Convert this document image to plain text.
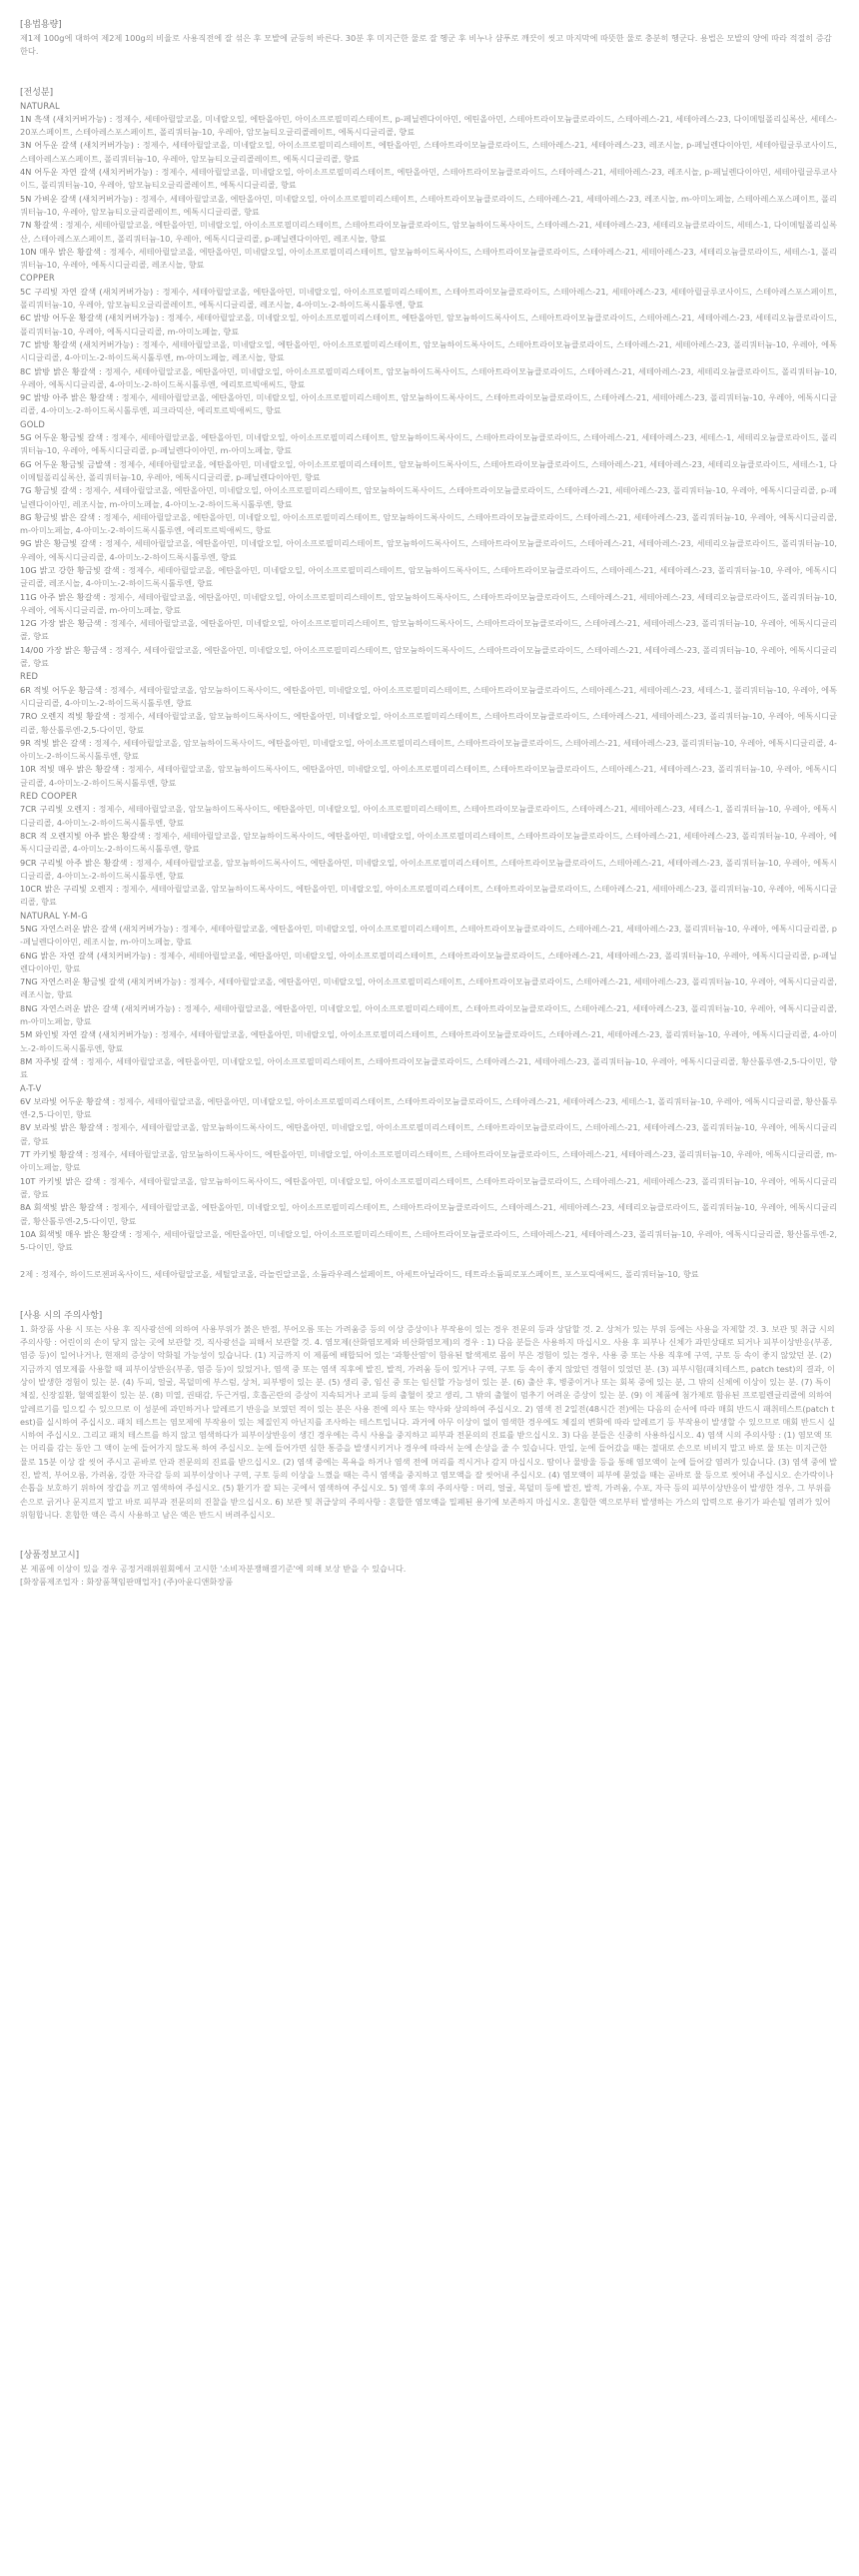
[용법용량]

제1제 100g에 대하여 제2제 100g의 비율로 사용직전에 잘 섞은 후 모발에 균등히 바른다. 30분 후 미지근한 물로 잘 헹군 후 비누나 샴푸로 깨끗이 씻고 마지막에 따뜻한 물로 충분히 헹군다. 용법은 모발의 양에 따라 적절히 증감한다.

[전성분]

NATURAL

1N 흑색 (새치커버가능) : 정제수, 세테아릴알코올, 미네랄오일, 에탄올아민, 아이소프로필미리스테이트, p-페닐렌다이아민, 에틴올아민, 스테아트라이모늄클로라이드, 스테아레스-21, 세테아레스-23, 다이메틸폴리실록산, 세테스-20포스페이트, 스테아레스포스페이트, 폴리쿼터늄-10, 우레아, 암모늄티오글리콜레이트, 에톡시디글리콜, 향료

3N 어두운 갈색 (새치커버가능) : 정제수, 세테아릴알코올, 미네랄오일, 아이소프로필미리스테이트, 에탄올아민, 스테아트라이모늄클로라이드, 스테아레스-21, 세테아레스-23, 레조시놀, p-페닐렌다이아민, 세테아릴글루코사이드, 스테아레스포스페이트, 폴리쿼터늄-10, 우레아, 암모늄티오글리콜레이트, 에톡시디글리콜, 향료

4N 어두운 자연 갈색 (새치커버가능) : 정제수, 세테아릴알코올, 미네랄오일, 아이소프로필미리스테이트, 에탄올아민, 스테아트라이모늄클로라이드, 스테아레스-21, 세테아레스-23, 레조시놀, p-페닐렌다이아민, 세테아릴글루코사이드, 폴리쿼터늄-10, 우레아, 암모늄티오글리콜레이트, 에톡시디글리콜, 향료

5N 가벼운 갈색 (새치커버가능) : 정제수, 세테아릴알코올, 에탄올아민, 미네랄오일, 아이소프로필미리스테이트, 스테아트라이모늄클로라이드, 스테아레스-21, 세테아레스-23, 레조시놀, m-아미노페놀, 스테아레스포스페이트, 폴리쿼터늄-10, 우레아, 암모늄티오글리콜레이트, 에톡시디글리콜, 향료

7N 황갈색 : 정제수, 세테아릴알코올, 에탄올아민, 미네랄오일, 아이소프로필미리스테이트, 스테아트라이모늄클로라이드, 암모늄하이드록사이드, 스테아레스-21, 세테아레스-23, 세테리오늄클로라이드, 세테스-1, 다이메틸폴리실록산, 스테아레스포스페이트, 폴리쿼터늄-10, 우레아, 에톡시디글리콜, p-페닐렌다이아민, 레조시놀, 향료

10N 매우 밝은 황갈색 : 정제수, 세테아릴알코올, 에탄올아민, 미네랄오일, 아이소프로필미리스테이트, 암모늄하이드록사이드, 스테아트라이모늄클로라이드, 스테아레스-21, 세테아레스-23, 세테리오늄클로라이드, 세테스-1, 폴리쿼터늄-10, 우레아, 에톡시디글리콜, 레조시놀, 향료

COPPER

5C 구리빛 자연 갈색 (새치커버가능) : 정제수, 세테아릴알코올, 에탄올아민, 미네랄오일, 아이소프로필미리스테이트, 스테아트라이모늄클로라이드, 스테아레스-21, 세테아레스-23, 세테아릴글루코사이드, 스테아레스포스페이트, 폴리쿼터늄-10, 우레아, 암모늄티오글리콜레이트, 에톡시디글리콜, 레조시놀, 4-아미노-2-하이드록시톨루엔, 향료

6C 밝방 어두운 황갈색 (새치커버가능) : 정제수, 세테아릴알코올, 미네랄오일, 아이소프로필미리스테이트, 에탄올아민, 암모늄하이드록사이드, 스테아트라이모늄클로라이드, 스테아레스-21, 세테아레스-23, 세테리오늄클로라이드, 폴리쿼터늄-10, 우레아, 에톡시디글리콜, m-아미노페놀, 향료

7C 밝방 황갈색 (새치커버가능) : 정제수, 세테아릴알코올, 미네랄오일, 에탄올아민, 아이소프로필미리스테이트, 암모늄하이드록사이드, 스테아트라이모늄클로라이드, 스테아레스-21, 세테아레스-23, 폴리쿼터늄-10, 우레아, 에톡시디글리콜, 4-아미노-2-하이드록시톨루엔, m-아미노페놀, 레조시놀, 향료

8C 밝방 밝은 황갈색 : 정제수, 세테아릴알코올, 에탄올아민, 미네랄오일, 아이소프로필미리스테이트, 암모늄하이드록사이드, 스테아트라이모늄클로라이드, 스테아레스-21, 세테아레스-23, 세테리오늄클로라이드, 폴리쿼터늄-10, 우레아, 에톡시디글리콜, 4-아미노-2-하이드록시톨루엔, 에리토르빅애씨드, 향료

9C 밝방 아주 밝은 황갈색 : 정제수, 세테아릴알코올, 에탄올아민, 미네랄오일, 아이소프로필미리스테이트, 암모늄하이드록사이드, 스테아트라이모늄클로라이드, 스테아레스-21, 세테아레스-23, 폴리쿼터늄-10, 우레아, 에톡시디글리콜, 4-아미노-2-하이드록시톨루엔, 피크라믹산, 에리토르빅애씨드, 향료

GOLD

5G 어두운 황금빛 갈색 : 정제수, 세테아릴알코올, 에탄올아민, 미네랄오일, 아이소프로필미리스테이트, 암모늄하이드록사이드, 스테아트라이모늄클로라이드, 스테아레스-21, 세테아레스-23, 세테스-1, 세테리오늄클로라이드, 폴리쿼터늄-10, 우레아, 에톡시디글리콜, p-페닐렌다이아민, m-아미노페놀, 향료

6G 어두운 황금빛 금발색 : 정제수, 세테아릴알코올, 에탄올아민, 미네랄오일, 아이소프로필미리스테이트, 암모늄하이드록사이드, 스테아트라이모늄클로라이드, 스테아레스-21, 세테아레스-23, 세테리오늄클로라이드, 세테스-1, 다이메틸폴리실록산, 폴리쿼터늄-10, 우레아, 에톡시디글리콜, p-페닐렌다이아민, 향료

7G 황금빛 갈색 : 정제수, 세테아릴알코올, 에탄올아민, 미네랄오일, 아이소프로필미리스테이트, 암모늄하이드록사이드, 스테아트라이모늄클로라이드, 스테아레스-21, 세테아레스-23, 폴리쿼터늄-10, 우레아, 에톡시디글리콜, p-페닐렌다이아민, 레조시놀, m-아미노페놀, 4-아미노-2-하이드록시톨루엔, 향료

8G 황금빛 밝은 갈색 : 정제수, 세테아릴알코올, 에탄올아민, 미네랄오일, 아이소프로필미리스테이트, 암모늄하이드록사이드, 스테아트라이모늄클로라이드, 스테아레스-21, 세테아레스-23, 폴리쿼터늄-10, 우레아, 에톡시디글리콜, m-아미노페놀, 4-아미노-2-하이드록시톨루엔, 에리토르빅애씨드, 향료

9G 밝은 황금빛 갈색 : 정제수, 세테아릴알코올, 에탄올아민, 미네랄오일, 아이소프로필미리스테이트, 암모늄하이드록사이드, 스테아트라이모늄클로라이드, 스테아레스-21, 세테아레스-23, 세테리오늄클로라이드, 폴리쿼터늄-10, 우레아, 에톡시디글리콜, 4-아미노-2-하이드록시톨루엔, 향료

10G 밝고 강한 황금빛 갈색 : 정제수, 세테아릴알코올, 에탄올아민, 미네랄오일, 아이소프로필미리스테이트, 암모늄하이드록사이드, 스테아트라이모늄클로라이드, 스테아레스-21, 세테아레스-23, 폴리쿼터늄-10, 우레아, 에톡시디글리콜, 레조시놀, 4-아미노-2-하이드록시톨루엔, 향료

11G 아주 밝은 황갈색 : 정제수, 세테아릴알코올, 에탄올아민, 미네랄오일, 아이소프로필미리스테이트, 암모늄하이드록사이드, 스테아트라이모늄클로라이드, 스테아레스-21, 세테아레스-23, 세테리오늄클로라이드, 폴리쿼터늄-10, 우레아, 에톡시디글리콜, m-아미노페놀, 향료

12G 가장 밝은 황금색 : 정제수, 세테아릴알코올, 에탄올아민, 미네랄오일, 아이소프로필미리스테이트, 암모늄하이드록사이드, 스테아트라이모늄클로라이드, 스테아레스-21, 세테아레스-23, 폴리쿼터늄-10, 우레아, 에톡시디글리콜, 향료

14/00 가장 밝은 황금색 : 정제수, 세테아릴알코올, 에탄올아민, 미네랄오일, 아이소프로필미리스테이트, 암모늄하이드록사이드, 스테아트라이모늄클로라이드, 스테아레스-21, 세테아레스-23, 폴리쿼터늄-10, 우레아, 에톡시디글리콜, 향료

RED

6R 적빛 어두운 황금색 : 정제수, 세테아릴알코올, 암모늄하이드록사이드, 에탄올아민, 미네랄오일, 아이소프로필미리스테이트, 스테아트라이모늄클로라이드, 스테아레스-21, 세테아레스-23, 세테스-1, 폴리쿼터늄-10, 우레아, 에톡시디글리콜, 4-아미노-2-하이드록시톨루엔, 향료

7RO 오렌지 적빛 황갈색 : 정제수, 세테아릴알코올, 암모늄하이드록사이드, 에탄올아민, 미네랄오일, 아이소프로필미리스테이트, 스테아트라이모늄클로라이드, 스테아레스-21, 세테아레스-23, 폴리쿼터늄-10, 우레아, 에톡시디글리콜, 황산톨루엔-2,5-다이민, 향료

9R 적빛 밝은 갈색 : 정제수, 세테아릴알코올, 암모늄하이드록사이드, 에탄올아민, 미네랄오일, 아이소프로필미리스테이트, 스테아트라이모늄클로라이드, 스테아레스-21, 세테아레스-23, 폴리쿼터늄-10, 우레아, 에톡시디글리콜, 4-아미노-2-하이드록시톨루엔, 향료

10R 적빛 매우 밝은 황갈색 : 정제수, 세테아릴알코올, 암모늄하이드록사이드, 에탄올아민, 미네랄오일, 아이소프로필미리스테이트, 스테아트라이모늄클로라이드, 스테아레스-21, 세테아레스-23, 폴리쿼터늄-10, 우레아, 에톡시디글리콜, 4-아미노-2-하이드록시톨루엔, 향료

RED COOPER

7CR 구리빛 오렌지 : 정제수, 세테아릴알코올, 암모늄하이드록사이드, 에탄올아민, 미네랄오일, 아이소프로필미리스테이트, 스테아트라이모늄클로라이드, 스테아레스-21, 세테아레스-23, 세테스-1, 폴리쿼터늄-10, 우레아, 에톡시디글리콜, 4-아미노-2-하이드록시톨루엔, 향료

8CR 적 오렌지빛 아주 밝은 황갈색 : 정제수, 세테아릴알코올, 암모늄하이드록사이드, 에탄올아민, 미네랄오일, 아이소프로필미리스테이트, 스테아트라이모늄클로라이드, 스테아레스-21, 세테아레스-23, 폴리쿼터늄-10, 우레아, 에톡시디글리콜, 4-아미노-2-하이드록시톨루엔, 향료

9CR 구리빛 아주 밝은 황갈색 : 정제수, 세테아릴알코올, 암모늄하이드록사이드, 에탄올아민, 미네랄오일, 아이소프로필미리스테이트, 스테아트라이모늄클로라이드, 스테아레스-21, 세테아레스-23, 폴리쿼터늄-10, 우레아, 에톡시디글리콜, 4-아미노-2-하이드록시톨루엔, 향료

10CR 밝은 구리빛 오렌지 : 정제수, 세테아릴알코올, 암모늄하이드록사이드, 에탄올아민, 미네랄오일, 아이소프로필미리스테이트, 스테아트라이모늄클로라이드, 스테아레스-21, 세테아레스-23, 폴리쿼터늄-10, 우레아, 에톡시디글리콜, 향료

NATURAL Y-M-G

5NG 자연스러운 밝은 갈색 (새치커버가능) : 정제수, 세테아릴알코올, 에탄올아민, 미네랄오일, 아이소프로필미리스테이트, 스테아트라이모늄클로라이드, 스테아레스-21, 세테아레스-23, 폴리쿼터늄-10, 우레아, 에톡시디글리콜, p-페닐렌다이아민, 레조시놀, m-아미노페놀, 향료

6NG 밝은 자연 갈색 (새치커버가능) : 정제수, 세테아릴알코올, 에탄올아민, 미네랄오일, 아이소프로필미리스테이트, 스테아트라이모늄클로라이드, 스테아레스-21, 세테아레스-23, 폴리쿼터늄-10, 우레아, 에톡시디글리콜, p-페닐렌다이아민, 향료

7NG 자연스러운 황금빛 갈색 (새치커버가능) : 정제수, 세테아릴알코올, 에탄올아민, 미네랄오일, 아이소프로필미리스테이트, 스테아트라이모늄클로라이드, 스테아레스-21, 세테아레스-23, 폴리쿼터늄-10, 우레아, 에톡시디글리콜, 레조시놀, 향료

8NG 자연스러운 밝은 갈색 (새치커버가능) : 정제수, 세테아릴알코올, 에탄올아민, 미네랄오일, 아이소프로필미리스테이트, 스테아트라이모늄클로라이드, 스테아레스-21, 세테아레스-23, 폴리쿼터늄-10, 우레아, 에톡시디글리콜, m-아미노페놀, 향료

5M 와인빛 자연 갈색 (새치커버가능) : 정제수, 세테아릴알코올, 에탄올아민, 미네랄오일, 아이소프로필미리스테이트, 스테아트라이모늄클로라이드, 스테아레스-21, 세테아레스-23, 폴리쿼터늄-10, 우레아, 에톡시디글리콜, 4-아미노-2-하이드록시톨루엔, 향료

8M 자주빛 갈색 : 정제수, 세테아릴알코올, 에탄올아민, 미네랄오일, 아이소프로필미리스테이트, 스테아트라이모늄클로라이드, 스테아레스-21, 세테아레스-23, 폴리쿼터늄-10, 우레아, 에톡시디글리콜, 황산톨루엔-2,5-다이민, 향료

A-T-V

6V 보라빛 어두운 황갈색 : 정제수, 세테아릴알코올, 에탄올아민, 미네랄오일, 아이소프로필미리스테이트, 스테아트라이모늄클로라이드, 스테아레스-21, 세테아레스-23, 세테스-1, 폴리쿼터늄-10, 우레아, 에톡시디글리콜, 황산톨루엔-2,5-다이민, 향료

8V 보라빛 밝은 황갈색 : 정제수, 세테아릴알코올, 암모늄하이드록사이드, 에탄올아민, 미네랄오일, 아이소프로필미리스테이트, 스테아트라이모늄클로라이드, 스테아레스-21, 세테아레스-23, 폴리쿼터늄-10, 우레아, 에톡시디글리콜, 향료

7T 카키빛 황갈색 : 정제수, 세테아릴알코올, 암모늄하이드록사이드, 에탄올아민, 미네랄오일, 아이소프로필미리스테이트, 스테아트라이모늄클로라이드, 스테아레스-21, 세테아레스-23, 폴리쿼터늄-10, 우레아, 에톡시디글리콜, m-아미노페놀, 향료

10T 카키빛 밝은 갈색 : 정제수, 세테아릴알코올, 암모늄하이드록사이드, 에탄올아민, 미네랄오일, 아이소프로필미리스테이트, 스테아트라이모늄클로라이드, 스테아레스-21, 세테아레스-23, 폴리쿼터늄-10, 우레아, 에톡시디글리콜, 향료

8A 회색빛 밝은 황갈색 : 정제수, 세테아릴알코올, 에탄올아민, 미네랄오일, 아이소프로필미리스테이트, 스테아트라이모늄클로라이드, 스테아레스-21, 세테아레스-23, 세테리오늄클로라이드, 폴리쿼터늄-10, 우레아, 에톡시디글리콜, 황산톨루엔-2,5-다이민, 향료

10A 회색빛 매우 밝은 황갈색 : 정제수, 세테아릴알코올, 에탄올아민, 미네랄오일, 아이소프로필미리스테이트, 스테아트라이모늄클로라이드, 스테아레스-21, 세테아레스-23, 폴리쿼터늄-10, 우레아, 에톡시디글리콜, 황산톨루엔-2,5-다이민, 향료

2제 : 정제수, 하이드로젠퍼옥사이드, 세테아릴알코올, 세틸알코올, 라놀린알코올, 소듐라우레스설페이트, 아세트아닐라이드, 테트라소듐피로포스페이트, 포스포릭애씨드, 폴리쿼터늄-10, 향료

[사용 시의 주의사항]

1. 화장품 사용 시 또는 사용 후 직사광선에 의하여 사용부위가 붉은 반점, 부어오름 또는 가려움증 등의 이상 증상이나 부작용이 있는 경우 전문의 등과 상담할 것. 2. 상처가 있는 부위 등에는 사용을 자제할 것. 3. 보관 및 취급 시의 주의사항 : 어린이의 손이 닿지 않는 곳에 보관할 것, 직사광선을 피해서 보관할 것. 4. 염모제(산화염모제와 비산화염모제)의 경우 : 1) 다음 분들은 사용하지 마십시오. 사용 후 피부나 신체가 과민상태로 되거나 피부이상반응(부종, 염증 등)이 일어나거나, 현재의 증상이 악화될 가능성이 있습니다. (1) 지금까지 이 제품에 배합되어 있는 '과황산염'이 함유된 탈색제로 몸이 부은 경험이 있는 경우, 사용 중 또는 사용 직후에 구역, 구토 등 속이 좋지 않았던 분. (2) 지금까지 염모제를 사용할 때 피부이상반응(부종, 염증 등)이 있었거나, 염색 중 또는 염색 직후에 발진, 발적, 가려움 등이 있거나 구역, 구토 등 속이 좋지 않았던 경험이 있었던 분. (3) 피부시험(패치테스트, patch test)의 결과, 이상이 발생한 경험이 있는 분. (4) 두피, 얼굴, 목덜미에 부스럼, 상처, 피부병이 있는 분. (5) 생리 중, 임신 중 또는 임신할 가능성이 있는 분. (6) 출산 후, 병중이거나 또는 회복 중에 있는 분, 그 밖의 신체에 이상이 있는 분. (7) 특이체질, 신장질환, 혈액질환이 있는 분. (8) 미열, 권태감, 두근거림, 호흡곤란의 증상이 지속되거나 코피 등의 출혈이 잦고 생리, 그 밖의 출혈이 멈추기 어려운 증상이 있는 분. (9) 이 제품에 첨가제로 함유된 프로필렌글리콜에 의하여 알레르기를 일으킬 수 있으므로 이 성분에 과민하거나 알레르기 반응을 보였던 적이 있는 분은 사용 전에 의사 또는 약사와 상의하여 주십시오. 2) 염색 전 2일전(48시간 전)에는 다음의 순서에 따라 매회 반드시 패취테스트(patch test)를 실시하여 주십시오. 패치 테스트는 염모제에 부작용이 있는 체질인지 아닌지를 조사하는 테스트입니다. 과거에 아무 이상이 없이 염색한 경우에도 체질의 변화에 따라 알레르기 등 부작용이 발생할 수 있으므로 매회 반드시 실시하여 주십시오. 그리고 패치 테스트를 하지 않고 염색하다가 피부이상반응이 생긴 경우에는 즉시 사용을 중지하고 피부과 전문의의 진료를 받으십시오. 3) 다음 분들은 신중히 사용하십시오. 4) 염색 시의 주의사항 : (1) 염모액 또는 머리를 감는 동안 그 액이 눈에 들어가지 않도록 하여 주십시오. 눈에 들어가면 심한 통증을 발생시키거나 경우에 따라서 눈에 손상을 줄 수 있습니다. 만일, 눈에 들어갔을 때는 절대로 손으로 비비지 말고 바로 물 또는 미지근한 물로 15분 이상 잘 씻어 주시고 곧바로 안과 전문의의 진료를 받으십시오. (2) 염색 중에는 목욕을 하거나 염색 전에 머리를 적시거나 감지 마십시오. 땀이나 물방울 등을 통해 염모액이 눈에 들어갈 염려가 있습니다. (3) 염색 중에 발진, 발적, 부어오름, 가려움, 강한 자극감 등의 피부이상이나 구역, 구토 등의 이상을 느꼈을 때는 즉시 염색을 중지하고 염모액을 잘 씻어내 주십시오. (4) 염모액이 피부에 묻었을 때는 곧바로 물 등으로 씻어내 주십시오. 손가락이나 손톱을 보호하기 위하여 장갑을 끼고 염색하여 주십시오. (5) 환기가 잘 되는 곳에서 염색하여 주십시오. 5) 염색 후의 주의사항 : 머리, 얼굴, 목덜미 등에 발진, 발적, 가려움, 수포, 자극 등의 피부이상반응이 발생한 경우, 그 부위를 손으로 긁거나 문지르지 말고 바로 피부과 전문의의 진찰을 받으십시오. 6) 보관 및 취급상의 주의사항 : 혼합한 염모액을 밀폐된 용기에 보존하지 마십시오. 혼합한 액으로부터 발생하는 가스의 압력으로 용기가 파손될 염려가 있어 위험합니다. 혼합한 액은 즉시 사용하고 남은 액은 반드시 버려주십시오.

[상품정보고시]

본 제품에 이상이 있을 경우 공정거래위원회에서 고시한 '소비자분쟁해결기준'에 의해 보상 받을 수 있습니다.

[화장품제조업자 : 화장품책임판매업자] (주)아윤디앤화장품
